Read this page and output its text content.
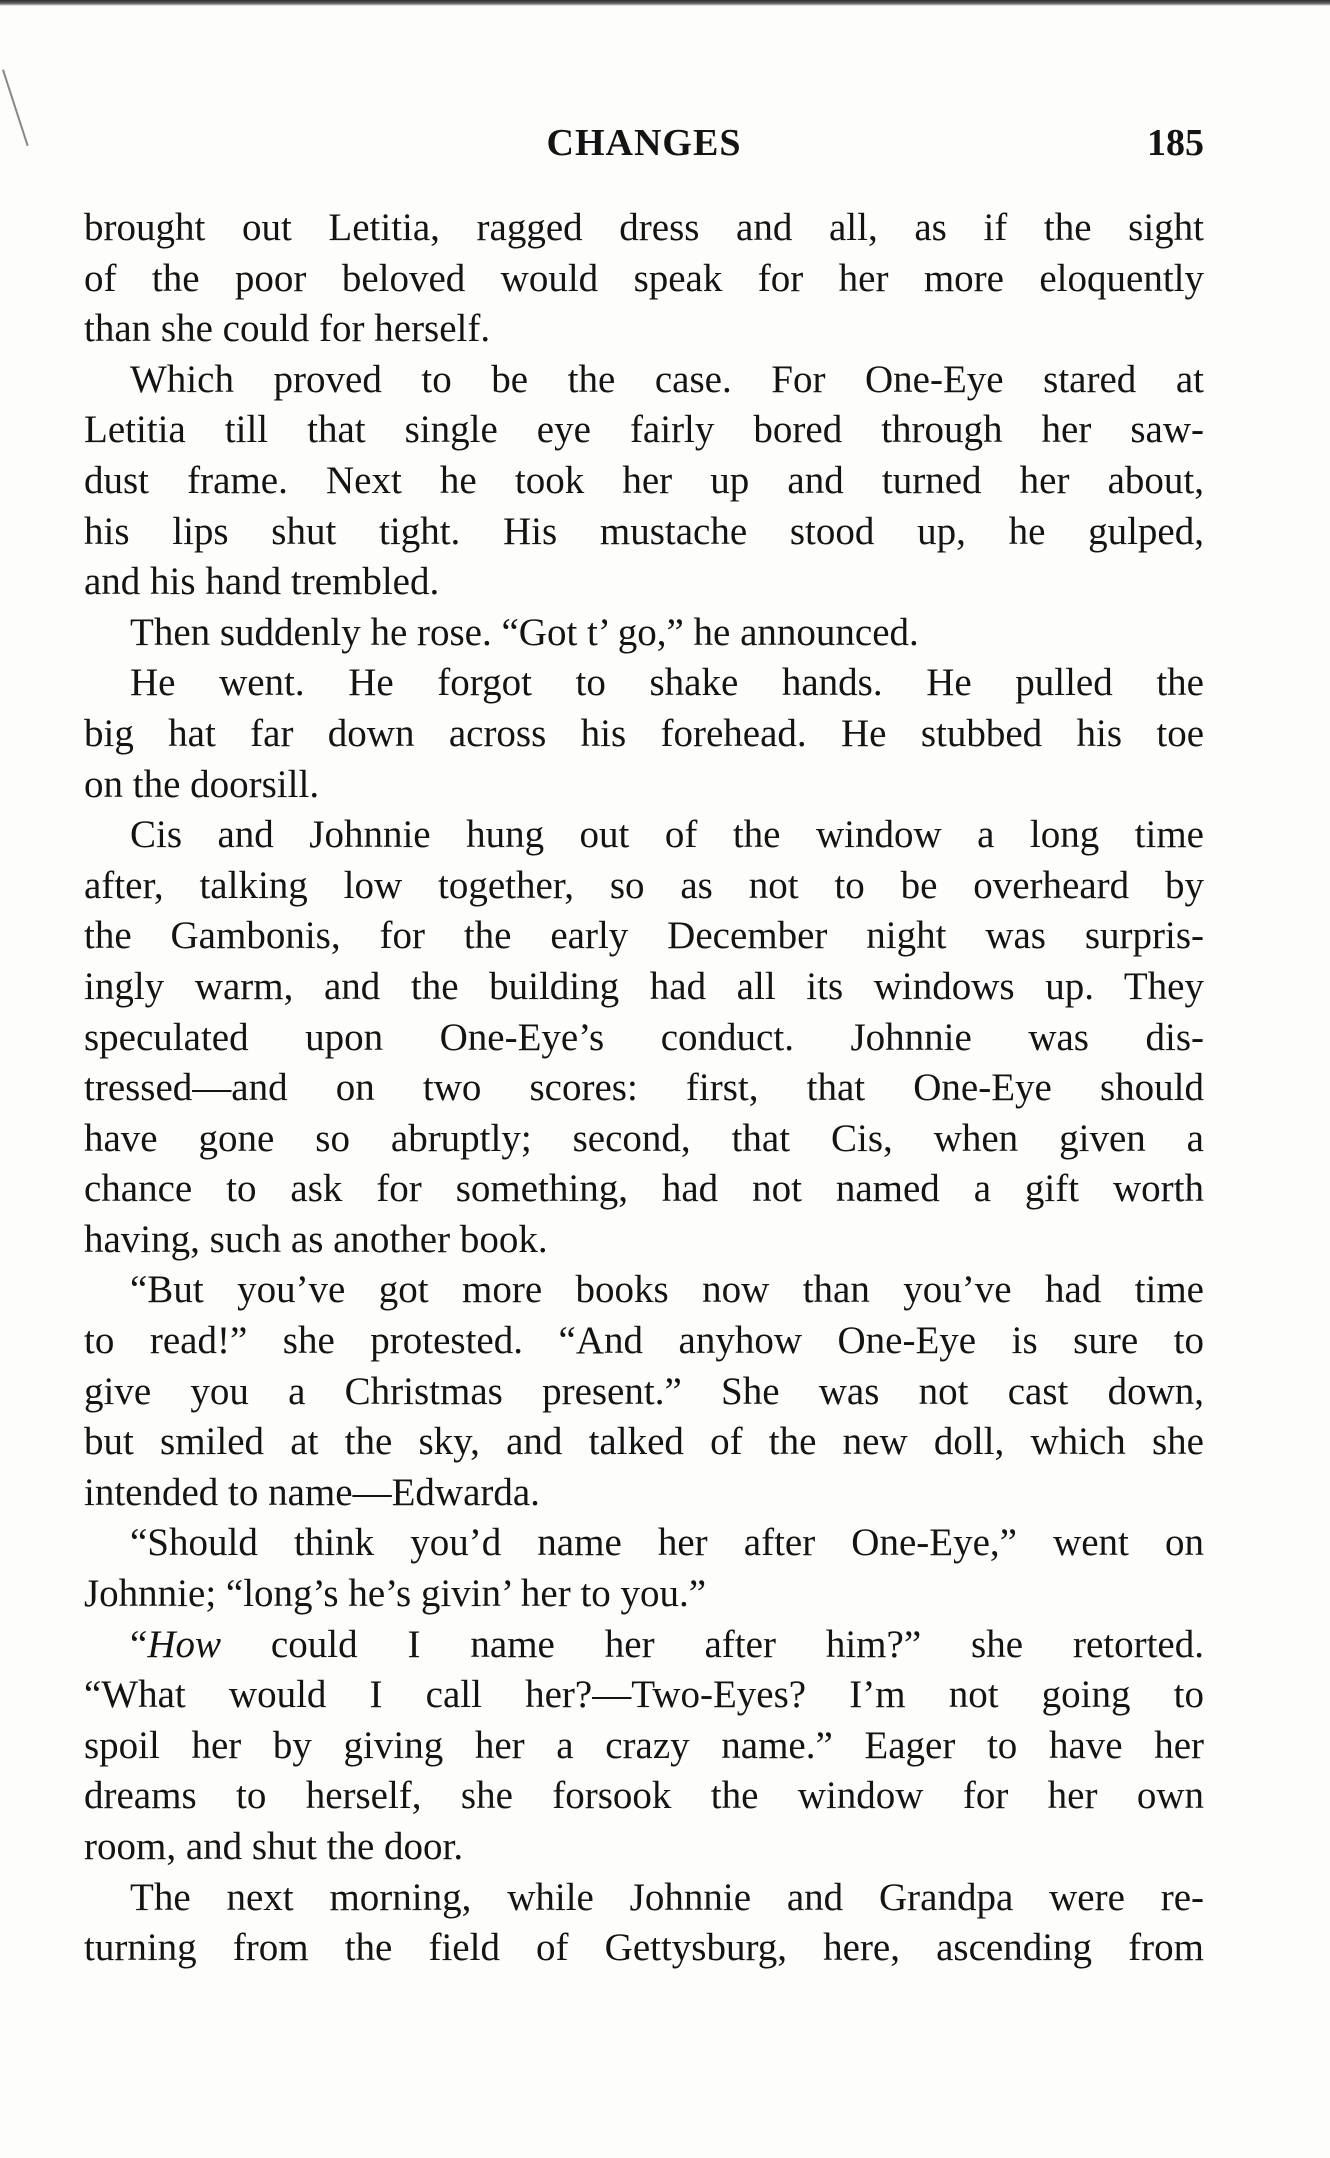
CHANGES	185
brought out Letitia, ragged dress and all, as if the sight
of the poor beloved would speak for her more eloquently
than she could for herself.
Which proved to be the case. For One-Eye stared at
Letitia till that single eye fairly bored through her saw-
dust frame. Next he took her up and turned her about,
his lips shut tight. His mustache stood up, he gulped,
and his hand trembled.
Then suddenly he rose. “Got t’ go,” he announced.
He went. He forgot to shake hands. He pulled the
big hat far down across his forehead. He stubbed his toe
on the doorsill.
Cis and Johnnie hung out of the window a long time
after, talking low together, so as not to be overheard by
the Gambonis, for the early December night was surpris-
ingly warm, and the building had all its windows up. They
speculated upon One-Eye’s conduct. Johnnie was dis-
tressed—and on two scores: first, that One-Eye should
have gone so abruptly; second, that Cis, when given a
chance to ask for something, had not named a gift worth
having, such as another book.
“But you’ve got more books now than you’ve had time
to read!” she protested. “And anyhow One-Eye is sure to
give you a Christmas present.” She was not cast down,
but smiled at the sky, and talked of the new doll, which she
intended to name—Edwarda.
“Should think you’d name her after One-Eye,” went on
Johnnie; “long’s he’s givin’ her to you.”
“How could I name her after him?” she retorted.
“What would I call her?—Two-Eyes? I’m not going to
spoil her by giving her a crazy name.” Eager to have her
dreams to herself, she forsook the window for her own
room, and shut the door.
The next morning, while Johnnie and Grandpa were re-
turning from the field of Gettysburg, here, ascending from
